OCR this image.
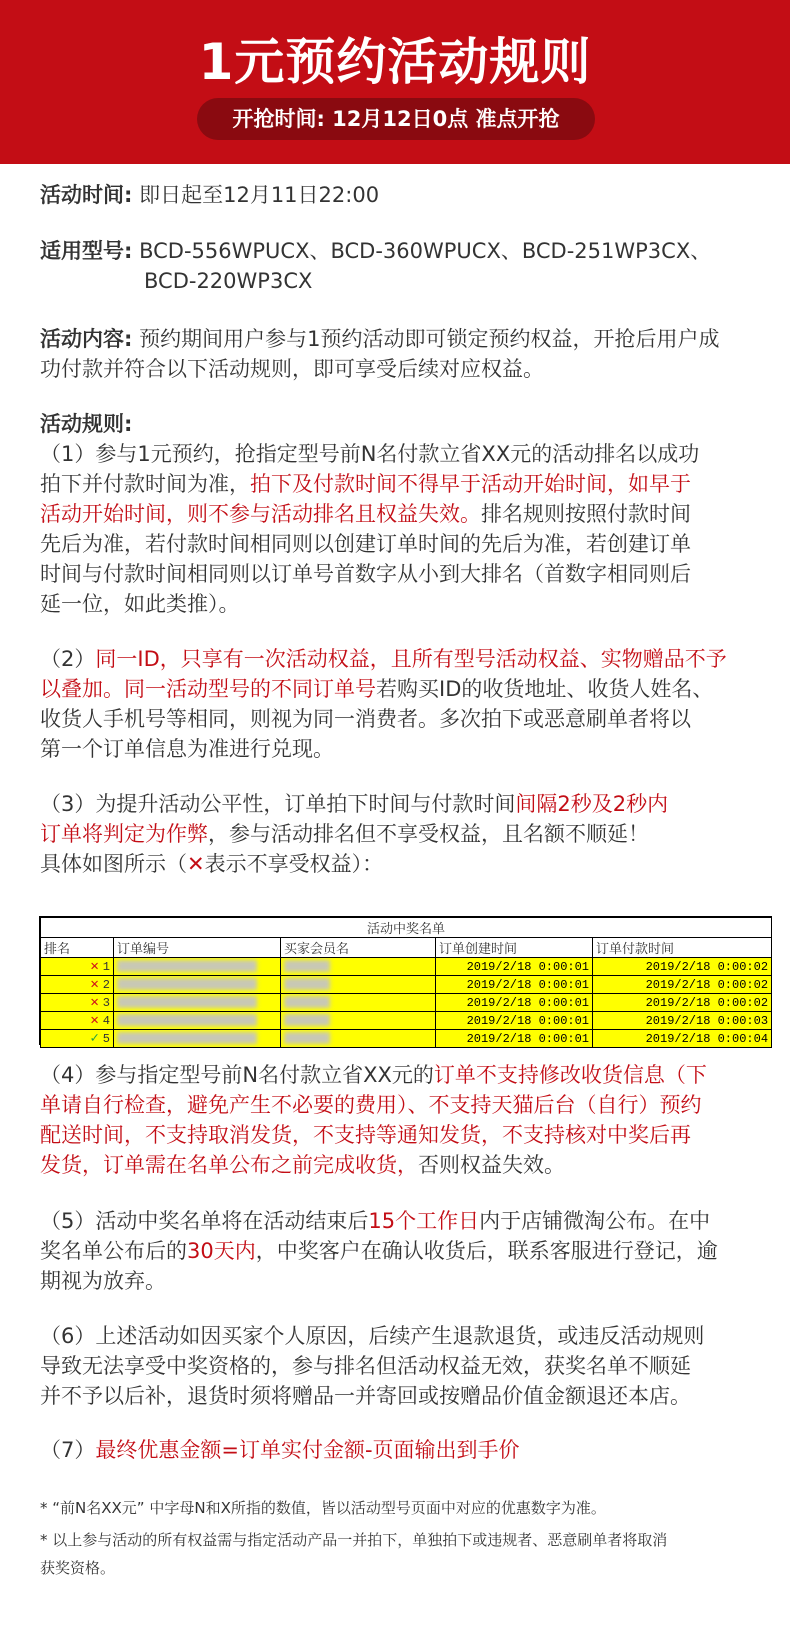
1元预约活动规则
开抢时间: 12月12日0点 准点开抢
活动时间: 即日起至12月11日22:00
适用型号: BCD-556WPUCX、BCD-360WPUCX、BCD-251WP3CX、
BCD-220WP3CX
活动内容: 预约期间用户参与1预约活动即可锁定预约权益，开抢后用户成
功付款并符合以下活动规则，即可享受后续对应权益。
活动规则:
（1）参与1元预约，抢指定型号前N名付款立省XX元的活动排名以成功
拍下并付款时间为准，拍下及付款时间不得早于活动开始时间，如早于
活动开始时间，则不参与活动排名且权益失效。排名规则按照付款时间
先后为准，若付款时间相同则以创建订单时间的先后为准，若创建订单
时间与付款时间相同则以订单号首数字从小到大排名（首数字相同则后
延一位，如此类推）。
（2）同一ID，只享有一次活动权益，且所有型号活动权益、实物赠品不予
以叠加。同一活动型号的不同订单号若购买ID的收货地址、收货人姓名、
收货人手机号等相同，则视为同一消费者。多次拍下或恶意刷单者将以
第一个订单信息为准进行兑现。
（3）为提升活动公平性，订单拍下时间与付款时间间隔2秒及2秒内
订单将判定为作弊，参与活动排名但不享受权益，且名额不顺延！
具体如图所示（✕表示不享受权益）：
活动中奖名单				
排名	订单编号	买家会员名	订单创建时间	订单付款时间
✕ 1			2019/2/18 0:00:01	2019/2/18 0:00:02
✕ 2			2019/2/18 0:00:01	2019/2/18 0:00:02
✕ 3			2019/2/18 0:00:01	2019/2/18 0:00:02
✕ 4			2019/2/18 0:00:01	2019/2/18 0:00:03
✓ 5			2019/2/18 0:00:01	2019/2/18 0:00:04
（4）参与指定型号前N名付款立省XX元的订单不支持修改收货信息（下
单请自行检查，避免产生不必要的费用）、不支持天猫后台（自行）预约
配送时间，不支持取消发货，不支持等通知发货，不支持核对中奖后再
发货，订单需在名单公布之前完成收货，否则权益失效。
（5）活动中奖名单将在活动结束后15个工作日内于店铺微淘公布。在中
奖名单公布后的30天内，中奖客户在确认收货后，联系客服进行登记，逾
期视为放弃。
（6）上述活动如因买家个人原因，后续产生退款退货，或违反活动规则
导致无法享受中奖资格的，参与排名但活动权益无效，获奖名单不顺延
并不予以后补，退货时须将赠品一并寄回或按赠品价值金额退还本店。
（7）最终优惠金额=订单实付金额-页面输出到手价
* “前N名XX元” 中字母N和X所指的数值，皆以活动型号页面中对应的优惠数字为准。
* 以上参与活动的所有权益需与指定活动产品一并拍下，单独拍下或违规者、恶意刷单者将取消
获奖资格。
